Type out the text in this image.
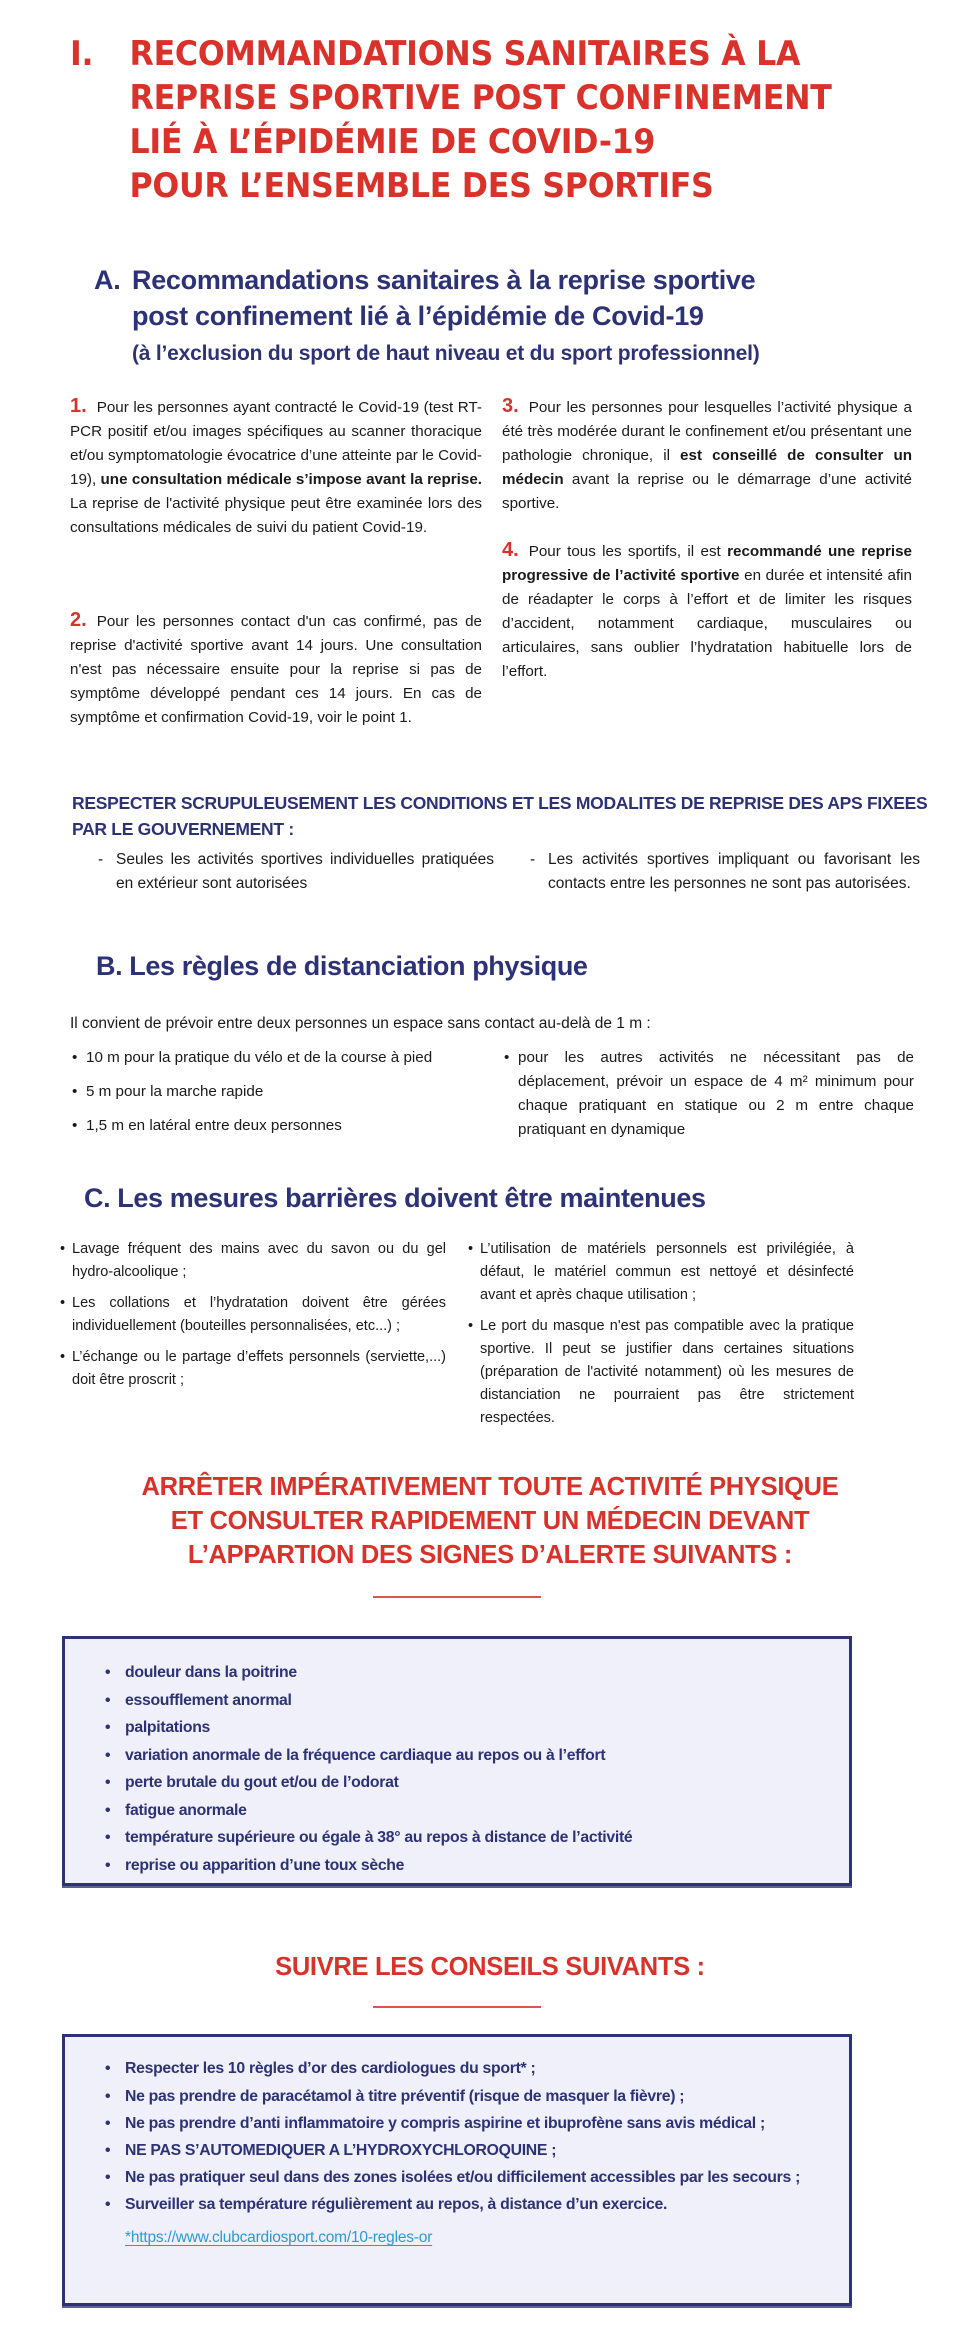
I.	RECOMMANDATIONS SANITAIRES À LA
REPRISE SPORTIVE POST CONFINEMENT
LIÉ À L’ÉPIDÉMIE DE COVID-19
POUR L’ENSEMBLE DES SPORTIFS
A. Recommandations sanitaires à la reprise sportive
post confinement lié à l’épidémie de Covid-19
(à l’exclusion du sport de haut niveau et du sport professionnel)

1. Pour les personnes ayant contracté le Covid-19 (test RT-PCR positif et/ou images spécifiques au scanner thoracique et/ou symptomatologie évocatrice d’une atteinte par le Covid-19), une consultation médicale s’impose avant la reprise. La reprise de l'activité physique peut être examinée lors des consultations médicales de suivi du patient Covid-19.

2. Pour les personnes contact d'un cas confirmé, pas de reprise d'activité sportive avant 14 jours. Une consultation n'est pas nécessaire ensuite pour la reprise si pas de symptôme développé pendant ces 14 jours. En cas de symptôme et confirmation Covid-19, voir le point 1.

3. Pour les personnes pour lesquelles l’activité physique a été très modérée durant le confinement et/ou présentant une pathologie chronique, il est conseillé de consulter un médecin avant la reprise ou le démarrage d’une activité sportive.

4. Pour tous les sportifs, il est recommandé une reprise progressive de l’activité sportive en durée et intensité afin de réadapter le corps à l’effort et de limiter les risques d’accident, notamment cardiaque, musculaires ou articulaires, sans oublier l’hydratation habituelle lors de l’effort.

RESPECTER SCRUPULEUSEMENT LES CONDITIONS ET LES MODALITES DE REPRISE DES APS FIXEES PAR LE GOUVERNEMENT :
- Seules les activités sportives individuelles pratiquées en extérieur sont autorisées
- Les activités sportives impliquant ou favorisant les contacts entre les personnes ne sont pas autorisées.
B. Les règles de distanciation physique
Il convient de prévoir entre deux personnes un espace sans contact au-delà de 1 m :
• 10 m pour la pratique du vélo et de la course à pied
• 5 m pour la marche rapide
• 1,5 m en latéral entre deux personnes
• pour les autres activités ne nécessitant pas de déplacement, prévoir un espace de 4 m² minimum pour chaque pratiquant en statique ou 2 m entre chaque pratiquant en dynamique
C. Les mesures barrières doivent être maintenues
• Lavage fréquent des mains avec du savon ou du gel hydro-alcoolique ;
• Les collations et l’hydratation doivent être gérées individuellement (bouteilles personnalisées, etc...) ;
• L’échange ou le partage d’effets personnels (serviette,...) doit être proscrit ;
• L’utilisation de matériels personnels est privilégiée, à défaut, le matériel commun est nettoyé et désinfecté avant et après chaque utilisation ;
• Le port du masque n'est pas compatible avec la pratique sportive. Il peut se justifier dans certaines situations (préparation de l'activité notamment) où les mesures de distanciation ne pourraient pas être strictement respectées.
ARRÊTER IMPÉRATIVEMENT TOUTE ACTIVITÉ PHYSIQUE
ET CONSULTER RAPIDEMENT UN MÉDECIN DEVANT
L’APPARTION DES SIGNES D’ALERTE SUIVANTS :
• douleur dans la poitrine
• essoufflement anormal
• palpitations
• variation anormale de la fréquence cardiaque au repos ou à l’effort
• perte brutale du gout et/ou de l’odorat
• fatigue anormale
• température supérieure ou égale à 38° au repos à distance de l’activité
• reprise ou apparition d’une toux sèche
SUIVRE LES CONSEILS SUIVANTS :
• Respecter les 10 règles d’or des cardiologues du sport* ;
• Ne pas prendre de paracétamol à titre préventif (risque de masquer la fièvre) ;
• Ne pas prendre d’anti inflammatoire y compris aspirine et ibuprofène sans avis médical ;
• NE PAS S’AUTOMEDIQUER A L’HYDROXYCHLOROQUINE ;
• Ne pas pratiquer seul dans des zones isolées et/ou difficilement accessibles par les secours ;
• Surveiller sa température régulièrement au repos, à distance d’un exercice.
*https://www.clubcardiosport.com/10-regles-or
